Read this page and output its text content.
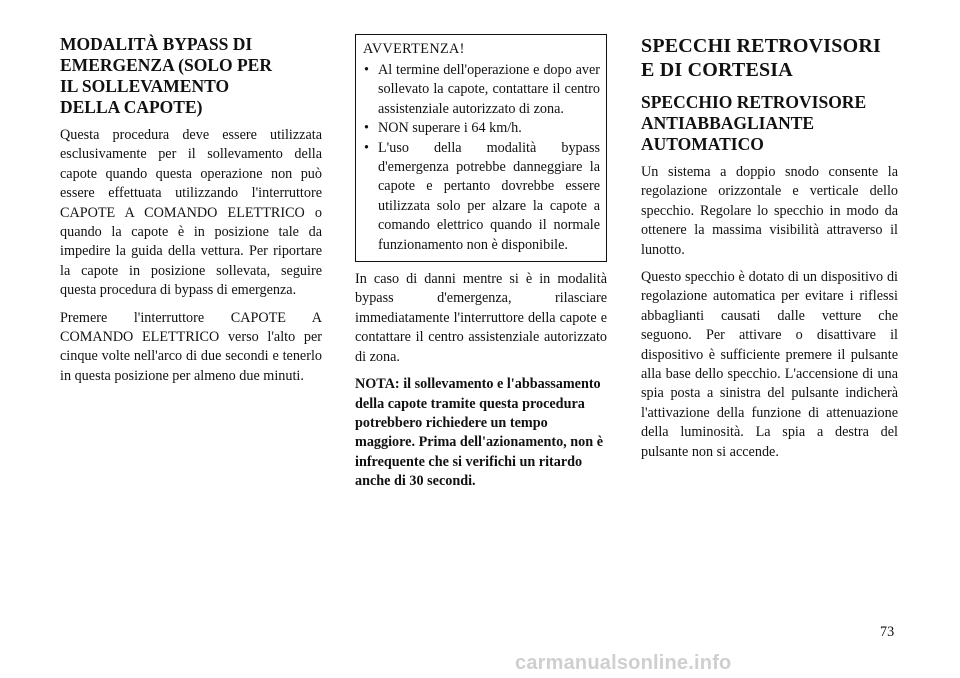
MODALITÀ BYPASS DI
EMERGENZA (SOLO PER
IL SOLLEVAMENTO
DELLA CAPOTE)

Questa procedura deve essere utilizzata esclusivamente per il sollevamento della capote quando questa operazione non può essere effettuata utilizzando l'interruttore CAPOTE A COMANDO ELETTRICO o quando la capote è in posizione tale da impedire la guida della vettura. Per riportare la capote in posizione sollevata, seguire questa procedura di bypass di emergenza.

Premere l'interruttore CAPOTE A COMANDO ELETTRICO verso l'alto per cinque volte nell'arco di due secondi e tenerlo in questa posizione per almeno due minuti.

AVVERTENZA!
• Al termine dell'operazione e dopo aver sollevato la capote, contattare il centro assistenziale autorizzato di zona.
• NON superare i 64 km/h.
• L'uso della modalità bypass d'emergenza potrebbe danneggiare la capote e pertanto dovrebbe essere utilizzata solo per alzare la capote a comando elettrico quando il normale funzionamento non è disponibile.

In caso di danni mentre si è in modalità bypass d'emergenza, rilasciare immediatamente l'interruttore della capote e contattare il centro assistenziale autorizzato di zona.

NOTA: il sollevamento e l'abbassamento della capote tramite questa procedura potrebbero richiedere un tempo maggiore. Prima dell'azionamento, non è infrequente che si verifichi un ritardo anche di 30 secondi.

SPECCHI RETROVISORI
E DI CORTESIA
SPECCHIO RETROVISORE
ANTIABBAGLIANTE
AUTOMATICO

Un sistema a doppio snodo consente la regolazione orizzontale e verticale dello specchio. Regolare lo specchio in modo da ottenere la massima visibilità attraverso il lunotto.

Questo specchio è dotato di un dispositivo di regolazione automatica per evitare i riflessi abbaglianti causati dalle vetture che seguono. Per attivare o disattivare il dispositivo è sufficiente premere il pulsante alla base dello specchio. L'accensione di una spia posta a sinistra del pulsante indicherà l'attivazione della funzione di attenuazione della luminosità. La spia a destra del pulsante non si accende.

73
carmanualsonline.info
